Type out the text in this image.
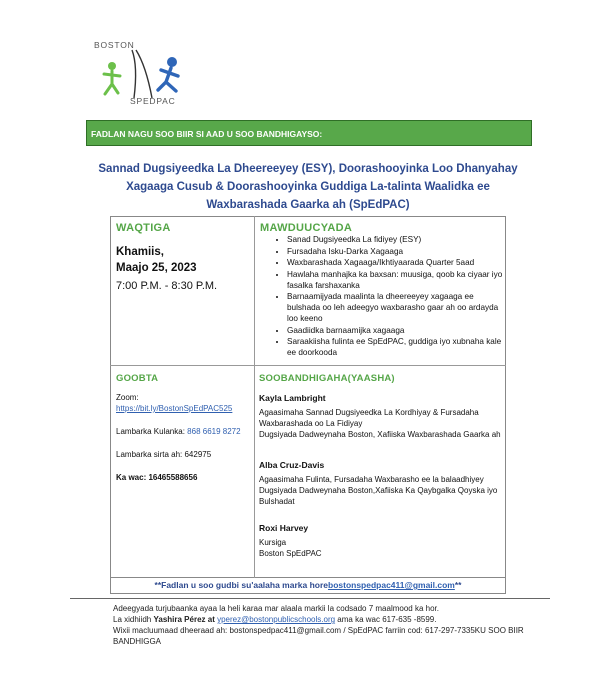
BOSTON
SPEDPAC
FADLAN NAGU SOO BIIR SI AAD U SOO BANDHIGAYSO:
Sannad Dugsiyeedka La Dheereeyey (ESY), Doorashooyinka Loo Dhanyahay
Xagaaga Cusub & Doorashooyinka Guddiga La-talinta Waalidka ee
Waxbarashada Gaarka ah (SpEdPAC)
WAQTIGA
Khamiis,
Maajo 25, 2023
7:00 P.M. - 8:30 P.M.
MAWDUUCYADA
• Sanad Dugsiyeedka La fidiyey (ESY)
• Fursadaha Isku-Darka Xagaaga
• Waxbarashada Xagaaga/Ikhtiyaarada Quarter 5aad
• Hawlaha manhajka ka baxsan: muusiga, qoob ka ciyaar iyo fasalka farshaxanka
• Barnaamijyada maalinta la dheereeyey xagaaga ee bulshada oo leh adeegyo waxbarasho gaar ah oo ardayda loo keeno
• Gaadiidka barnaamijka xagaaga
• Saraakiisha fulinta ee SpEdPAC, guddiga iyo xubnaha kale ee doorkooda
GOOBTA
Zoom:
https://bit.ly/BostonSpEdPAC525
Lambarka Kulanka: 868 6619 8272
Lambarka sirta ah: 642975
Ka wac: 16465588656
SOOBANDHIGAHA(YAASHA)
Kayla Lambright
Agaasimaha Sannad Dugsiyeedka La Kordhiyay & Fursadaha Waxbarashada oo La Fidiyay
Dugsiyada Dadweynaha Boston, Xafiiska Waxbarashada Gaarka ah
Alba Cruz-Davis
Agaasimaha Fulinta, Fursadaha Waxbarasho ee la balaadhiyey
Dugsiyada Dadweynaha Boston,Xafiiska Ka Qaybgalka Qoyska iyo Bulshadat
Roxi Harvey
Kursiga
Boston SpEdPAC
**Fadlan u soo gudbi su'aalaha marka horebostonspedpac411@gmail.com**
Adeegyada turjubaanka ayaa la heli karaa mar alaala markii la codsado 7 maalmood ka hor.
La xidhiidh Yashira Pérez at yperez@bostonpublicschools.org ama ka wac 617-635 -8599.
Wixii macluumaad dheeraad ah: bostonspedpac411@gmail.com / SpEdPAC farriin cod: 617-297-7335KU SOO BIIR BANDHIGGA
